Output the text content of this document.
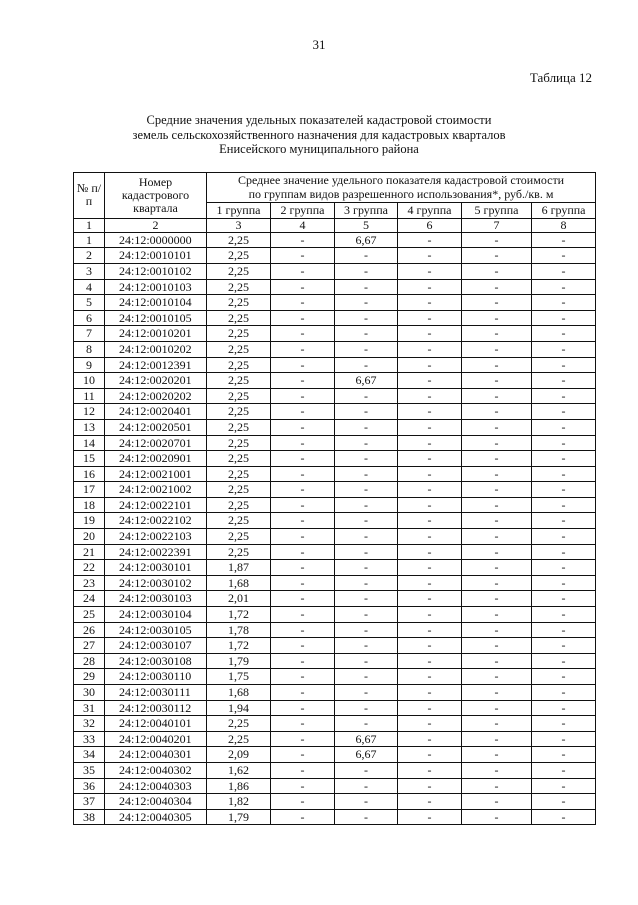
31
Таблица 12
Средние значения удельных показателей кадастровой стоимости
земель сельскохозяйственного назначения для кадастровых кварталов
Енисейского муниципального района
№ п/п	Номер кадастрового квартала	Среднее значение удельного показателя кадастровой стоимости					
		по группам видов разрешенного использования*, руб./кв. м					
		1 группа	2 группа	3 группа	4 группа	5 группа	6 группа
1	2	3	4	5	6	7	8
1	24:12:0000000	2,25	-	6,67	-	-	-
2	24:12:0010101	2,25	-	-	-	-	-
3	24:12:0010102	2,25	-	-	-	-	-
4	24:12:0010103	2,25	-	-	-	-	-
5	24:12:0010104	2,25	-	-	-	-	-
6	24:12:0010105	2,25	-	-	-	-	-
7	24:12:0010201	2,25	-	-	-	-	-
8	24:12:0010202	2,25	-	-	-	-	-
9	24:12:0012391	2,25	-	-	-	-	-
10	24:12:0020201	2,25	-	6,67	-	-	-
11	24:12:0020202	2,25	-	-	-	-	-
12	24:12:0020401	2,25	-	-	-	-	-
13	24:12:0020501	2,25	-	-	-	-	-
14	24:12:0020701	2,25	-	-	-	-	-
15	24:12:0020901	2,25	-	-	-	-	-
16	24:12:0021001	2,25	-	-	-	-	-
17	24:12:0021002	2,25	-	-	-	-	-
18	24:12:0022101	2,25	-	-	-	-	-
19	24:12:0022102	2,25	-	-	-	-	-
20	24:12:0022103	2,25	-	-	-	-	-
21	24:12:0022391	2,25	-	-	-	-	-
22	24:12:0030101	1,87	-	-	-	-	-
23	24:12:0030102	1,68	-	-	-	-	-
24	24:12:0030103	2,01	-	-	-	-	-
25	24:12:0030104	1,72	-	-	-	-	-
26	24:12:0030105	1,78	-	-	-	-	-
27	24:12:0030107	1,72	-	-	-	-	-
28	24:12:0030108	1,79	-	-	-	-	-
29	24:12:0030110	1,75	-	-	-	-	-
30	24:12:0030111	1,68	-	-	-	-	-
31	24:12:0030112	1,94	-	-	-	-	-
32	24:12:0040101	2,25	-	-	-	-	-
33	24:12:0040201	2,25	-	6,67	-	-	-
34	24:12:0040301	2,09	-	6,67	-	-	-
35	24:12:0040302	1,62	-	-	-	-	-
36	24:12:0040303	1,86	-	-	-	-	-
37	24:12:0040304	1,82	-	-	-	-	-
38	24:12:0040305	1,79	-	-	-	-	-
